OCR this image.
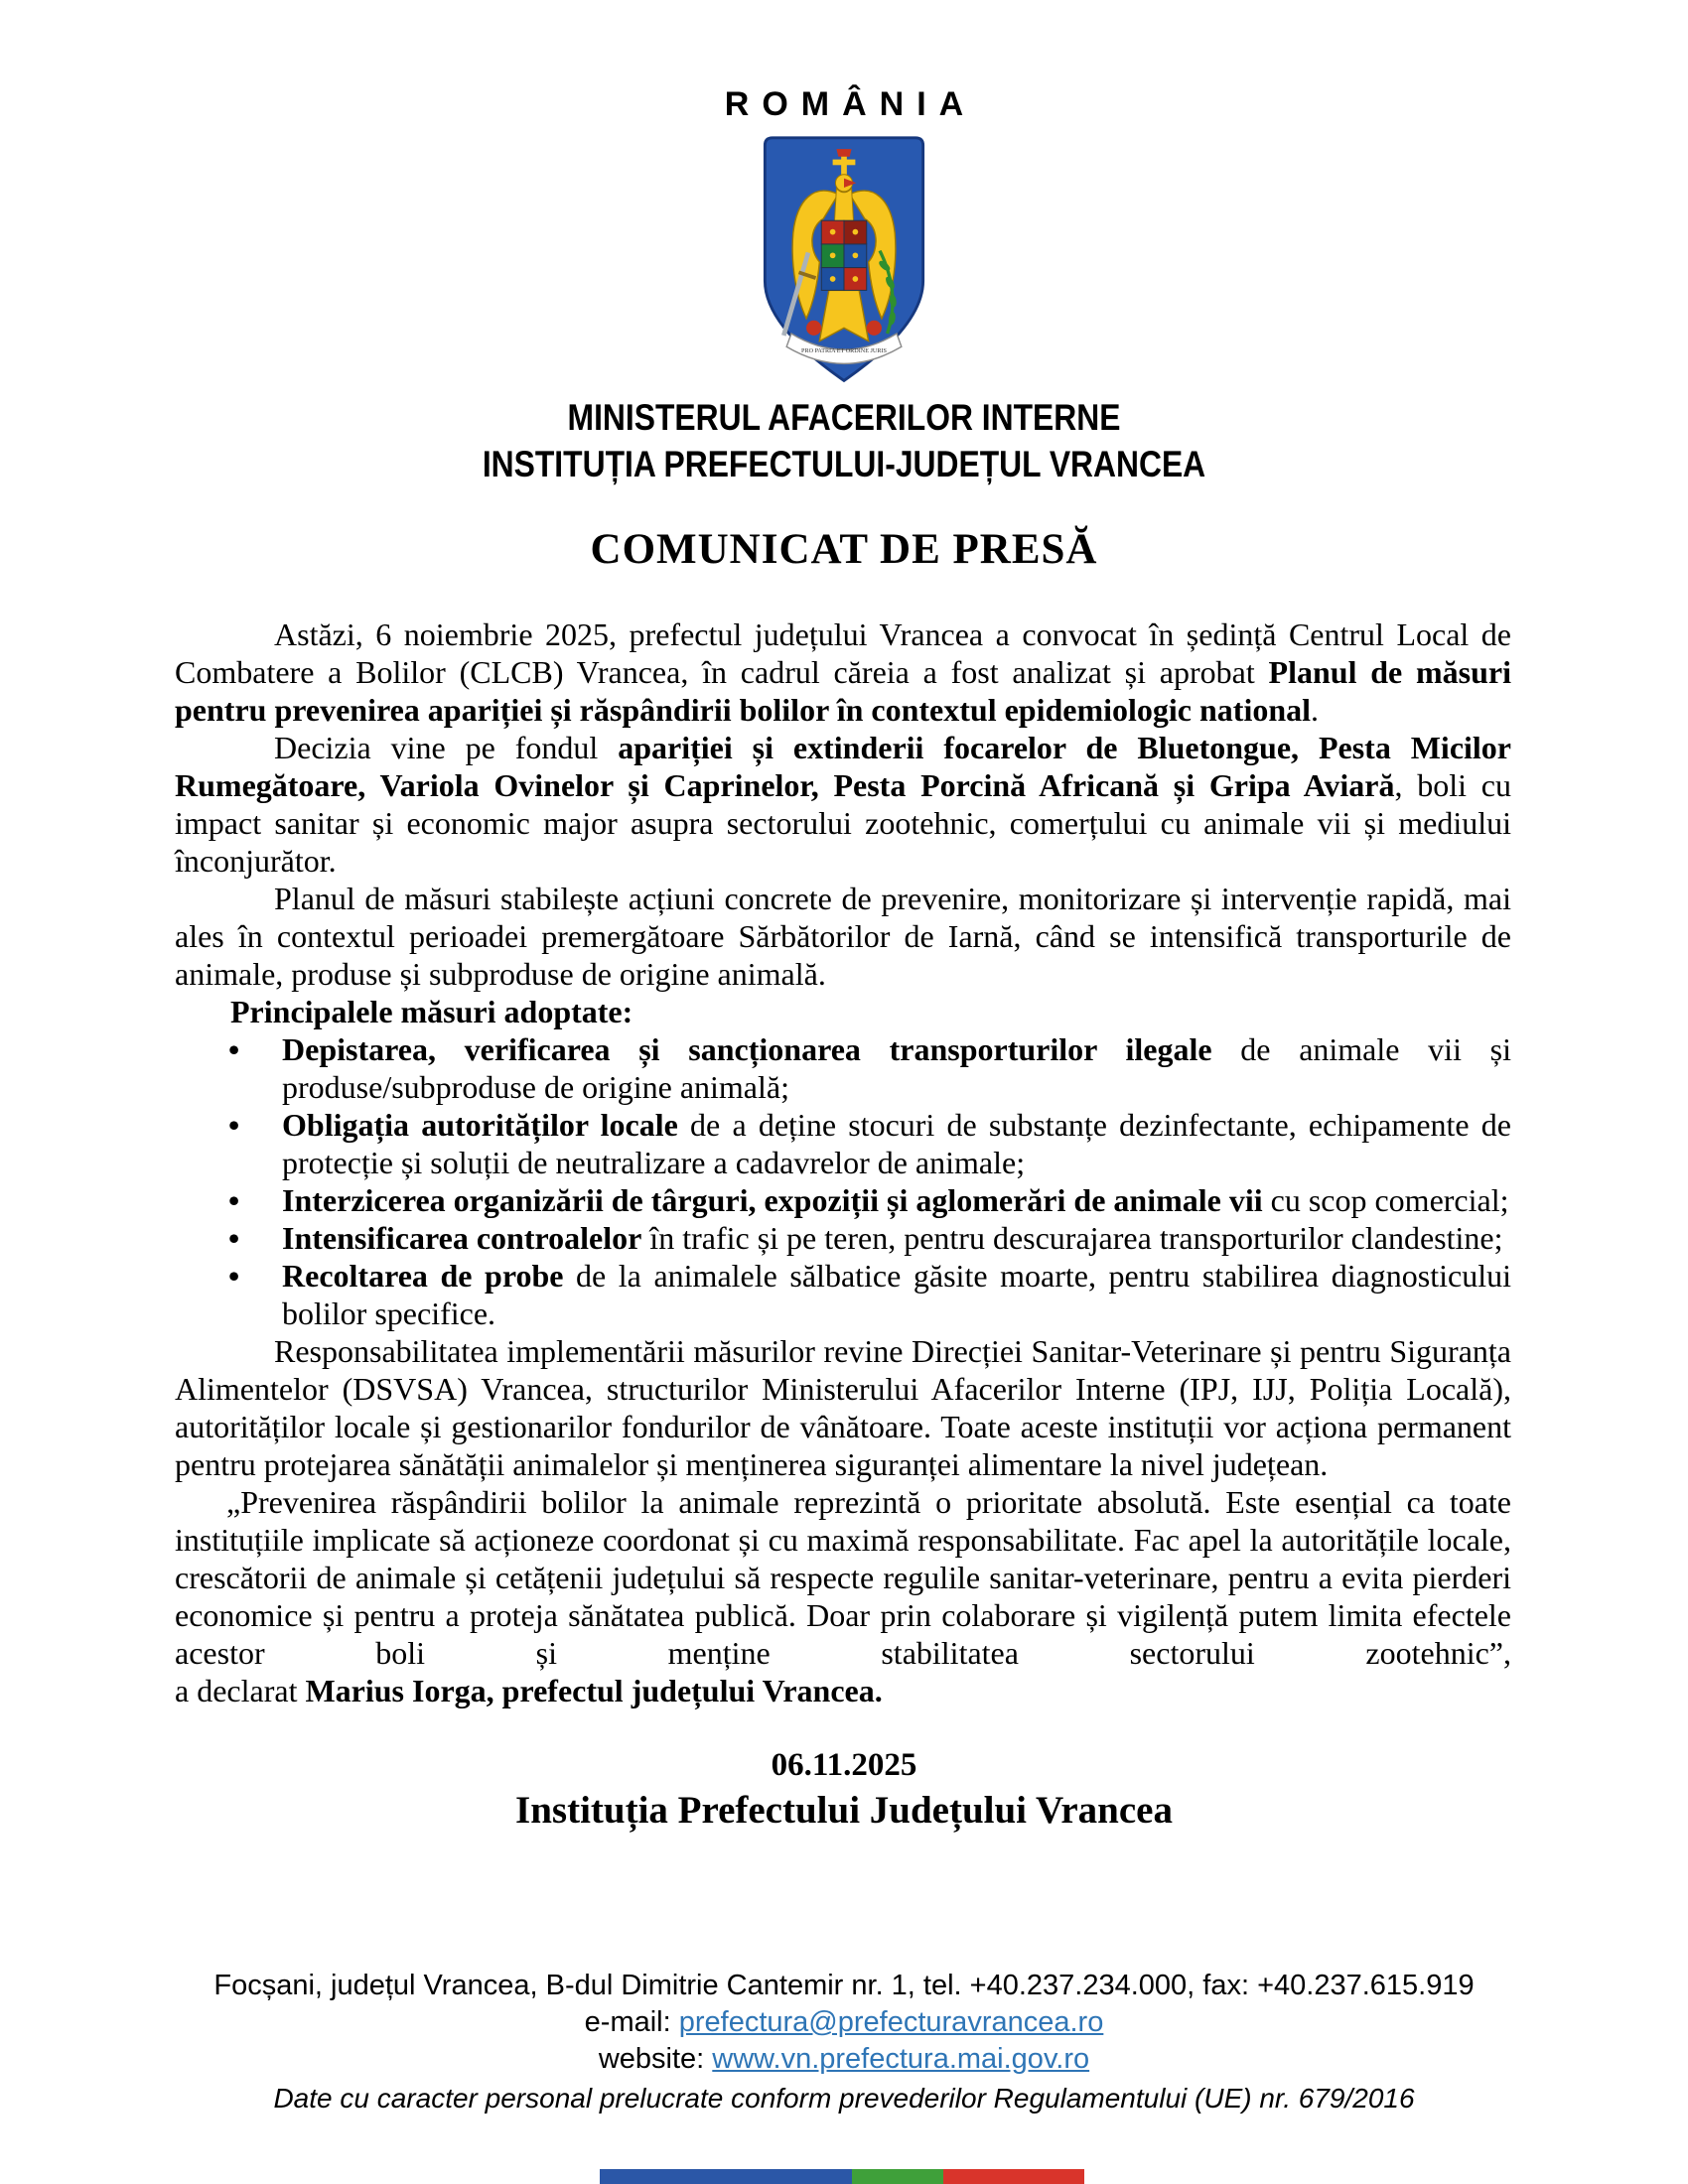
ROMÂNIA
PRO PATRIA ET ORDINE JURIS
MINISTERUL AFACERILOR INTERNE
INSTITUȚIA PREFECTULUI-JUDEȚUL VRANCEA
COMUNICAT DE PRESĂ

Astăzi, 6 noiembrie 2025, prefectul județului Vrancea a convocat în ședință Centrul Local de Combatere a Bolilor (CLCB) Vrancea, în cadrul căreia a fost analizat și aprobat Planul de măsuri pentru prevenirea apariției și răspândirii bolilor în contextul epidemiologic national.

Decizia vine pe fondul apariției și extinderii focarelor de Bluetongue, Pesta Micilor Rumegătoare, Variola Ovinelor și Caprinelor, Pesta Porcină Africană și Gripa Aviară, boli cu impact sanitar și economic major asupra sectorului zootehnic, comerțului cu animale vii și mediului înconjurător.

Planul de măsuri stabilește acțiuni concrete de prevenire, monitorizare și intervenție rapidă, mai ales în contextul perioadei premergătoare Sărbătorilor de Iarnă, când se intensifică transporturile de animale, produse și subproduse de origine animală.

Principalele măsuri adoptate:

• Depistarea, verificarea și sancționarea transporturilor ilegale de animale vii și produse/subproduse de origine animală;
• Obligația autorităților locale de a deține stocuri de substanțe dezinfectante, echipamente de protecție și soluții de neutralizare a cadavrelor de animale;
• Interzicerea organizării de târguri, expoziții și aglomerări de animale vii cu scop comercial;
• Intensificarea controalelor în trafic și pe teren, pentru descurajarea transporturilor clandestine;
• Recoltarea de probe de la animalele sălbatice găsite moarte, pentru stabilirea diagnosticului bolilor specifice.

Responsabilitatea implementării măsurilor revine Direcției Sanitar-Veterinare și pentru Siguranța Alimentelor (DSVSA) Vrancea, structurilor Ministerului Afacerilor Interne (IPJ, IJJ, Poliția Locală), autorităților locale și gestionarilor fondurilor de vânătoare. Toate aceste instituții vor acționa permanent pentru protejarea sănătății animalelor și menținerea siguranței alimentare la nivel județean.

„Prevenirea răspândirii bolilor la animale reprezintă o prioritate absolută. Este esențial ca toate instituțiile implicate să acționeze coordonat și cu maximă responsabilitate. Fac apel la autoritățile locale, crescătorii de animale și cetățenii județului să respecte regulile sanitar-veterinare, pentru a evita pierderi economice și pentru a proteja sănătatea publică. Doar prin colaborare și vigilență putem limita efectele acestor boli și menține stabilitatea sectorului zootehnic”,

a declarat Marius Iorga, prefectul județului Vrancea.

06.11.2025
Instituția Prefectului Județului Vrancea
Focșani, județul Vrancea, B-dul Dimitrie Cantemir nr. 1, tel. +40.237.234.000, fax: +40.237.615.919
e-mail: prefectura@prefecturavrancea.ro
website: www.vn.prefectura.mai.gov.ro
Date cu caracter personal prelucrate conform prevederilor Regulamentului (UE) nr. 679/2016
